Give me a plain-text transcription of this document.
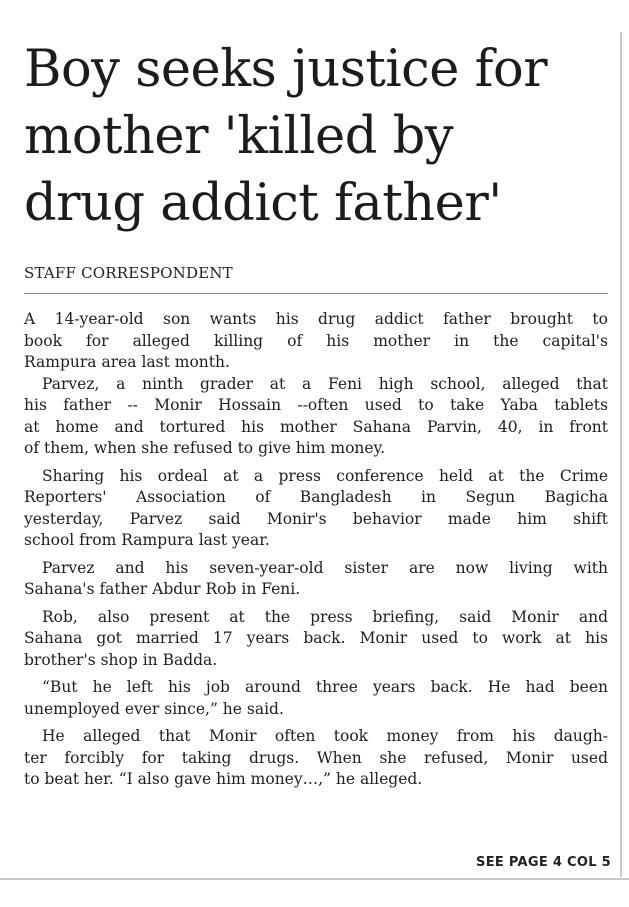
Boy seeks justice for
mother 'killed by
drug addict father'
STAFF CORRESPONDENT
A 14-year-old son wants his drug addict father brought to
book for alleged killing of his mother in the capital's
Rampura area last month.
Parvez, a ninth grader at a Feni high school, alleged that
his father -- Monir Hossain --often used to take Yaba tablets
at home and tortured his mother Sahana Parvin, 40, in front
of them, when she refused to give him money.
Sharing his ordeal at a press conference held at the Crime
Reporters' Association of Bangladesh in Segun Bagicha
yesterday, Parvez said Monir's behavior made him shift
school from Rampura last year.
Parvez and his seven-year-old sister are now living with
Sahana's father Abdur Rob in Feni.
Rob, also present at the press briefing, said Monir and
Sahana got married 17 years back. Monir used to work at his
brother's shop in Badda.
“But he left his job around three years back. He had been
unemployed ever since,” he said.
He alleged that Monir often took money from his daugh-
ter forcibly for taking drugs. When she refused, Monir used
to beat her. “I also gave him money…,” he alleged.
SEE PAGE 4 COL 5
